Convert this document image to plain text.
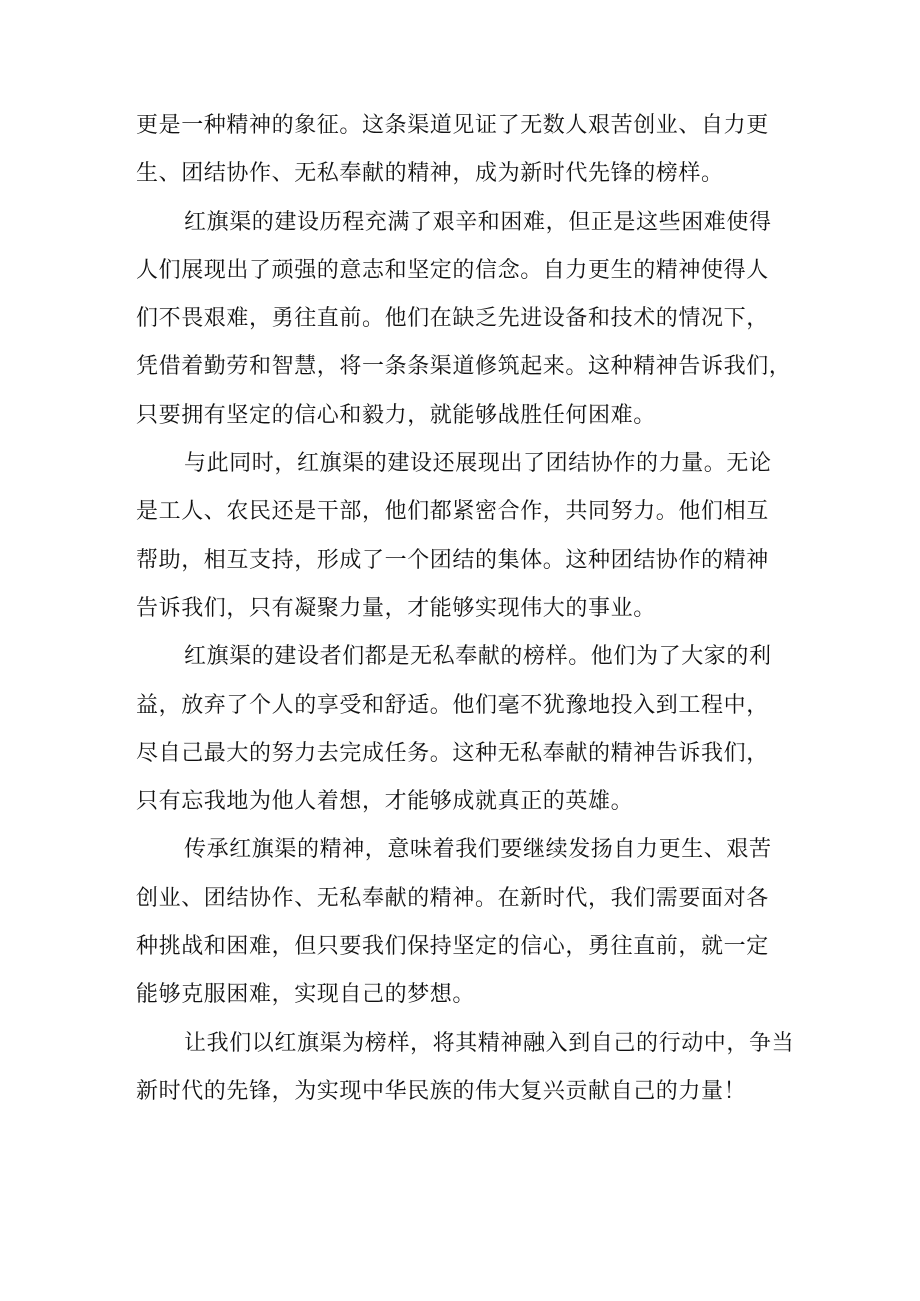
更是一种精神的象征。这条渠道见证了无数人艰苦创业、自力更
生、团结协作、无私奉献的精神，成为新时代先锋的榜样。
红旗渠的建设历程充满了艰辛和困难，但正是这些困难使得
人们展现出了顽强的意志和坚定的信念。自力更生的精神使得人
们不畏艰难，勇往直前。他们在缺乏先进设备和技术的情况下，
凭借着勤劳和智慧，将一条条渠道修筑起来。这种精神告诉我们，
只要拥有坚定的信心和毅力，就能够战胜任何困难。
与此同时，红旗渠的建设还展现出了团结协作的力量。无论
是工人、农民还是干部，他们都紧密合作，共同努力。他们相互
帮助，相互支持，形成了一个团结的集体。这种团结协作的精神
告诉我们，只有凝聚力量，才能够实现伟大的事业。
红旗渠的建设者们都是无私奉献的榜样。他们为了大家的利
益，放弃了个人的享受和舒适。他们毫不犹豫地投入到工程中，
尽自己最大的努力去完成任务。这种无私奉献的精神告诉我们，
只有忘我地为他人着想，才能够成就真正的英雄。
传承红旗渠的精神，意味着我们要继续发扬自力更生、艰苦
创业、团结协作、无私奉献的精神。在新时代，我们需要面对各
种挑战和困难，但只要我们保持坚定的信心，勇往直前，就一定
能够克服困难，实现自己的梦想。
让我们以红旗渠为榜样，将其精神融入到自己的行动中，争当
新时代的先锋，为实现中华民族的伟大复兴贡献自己的力量！
